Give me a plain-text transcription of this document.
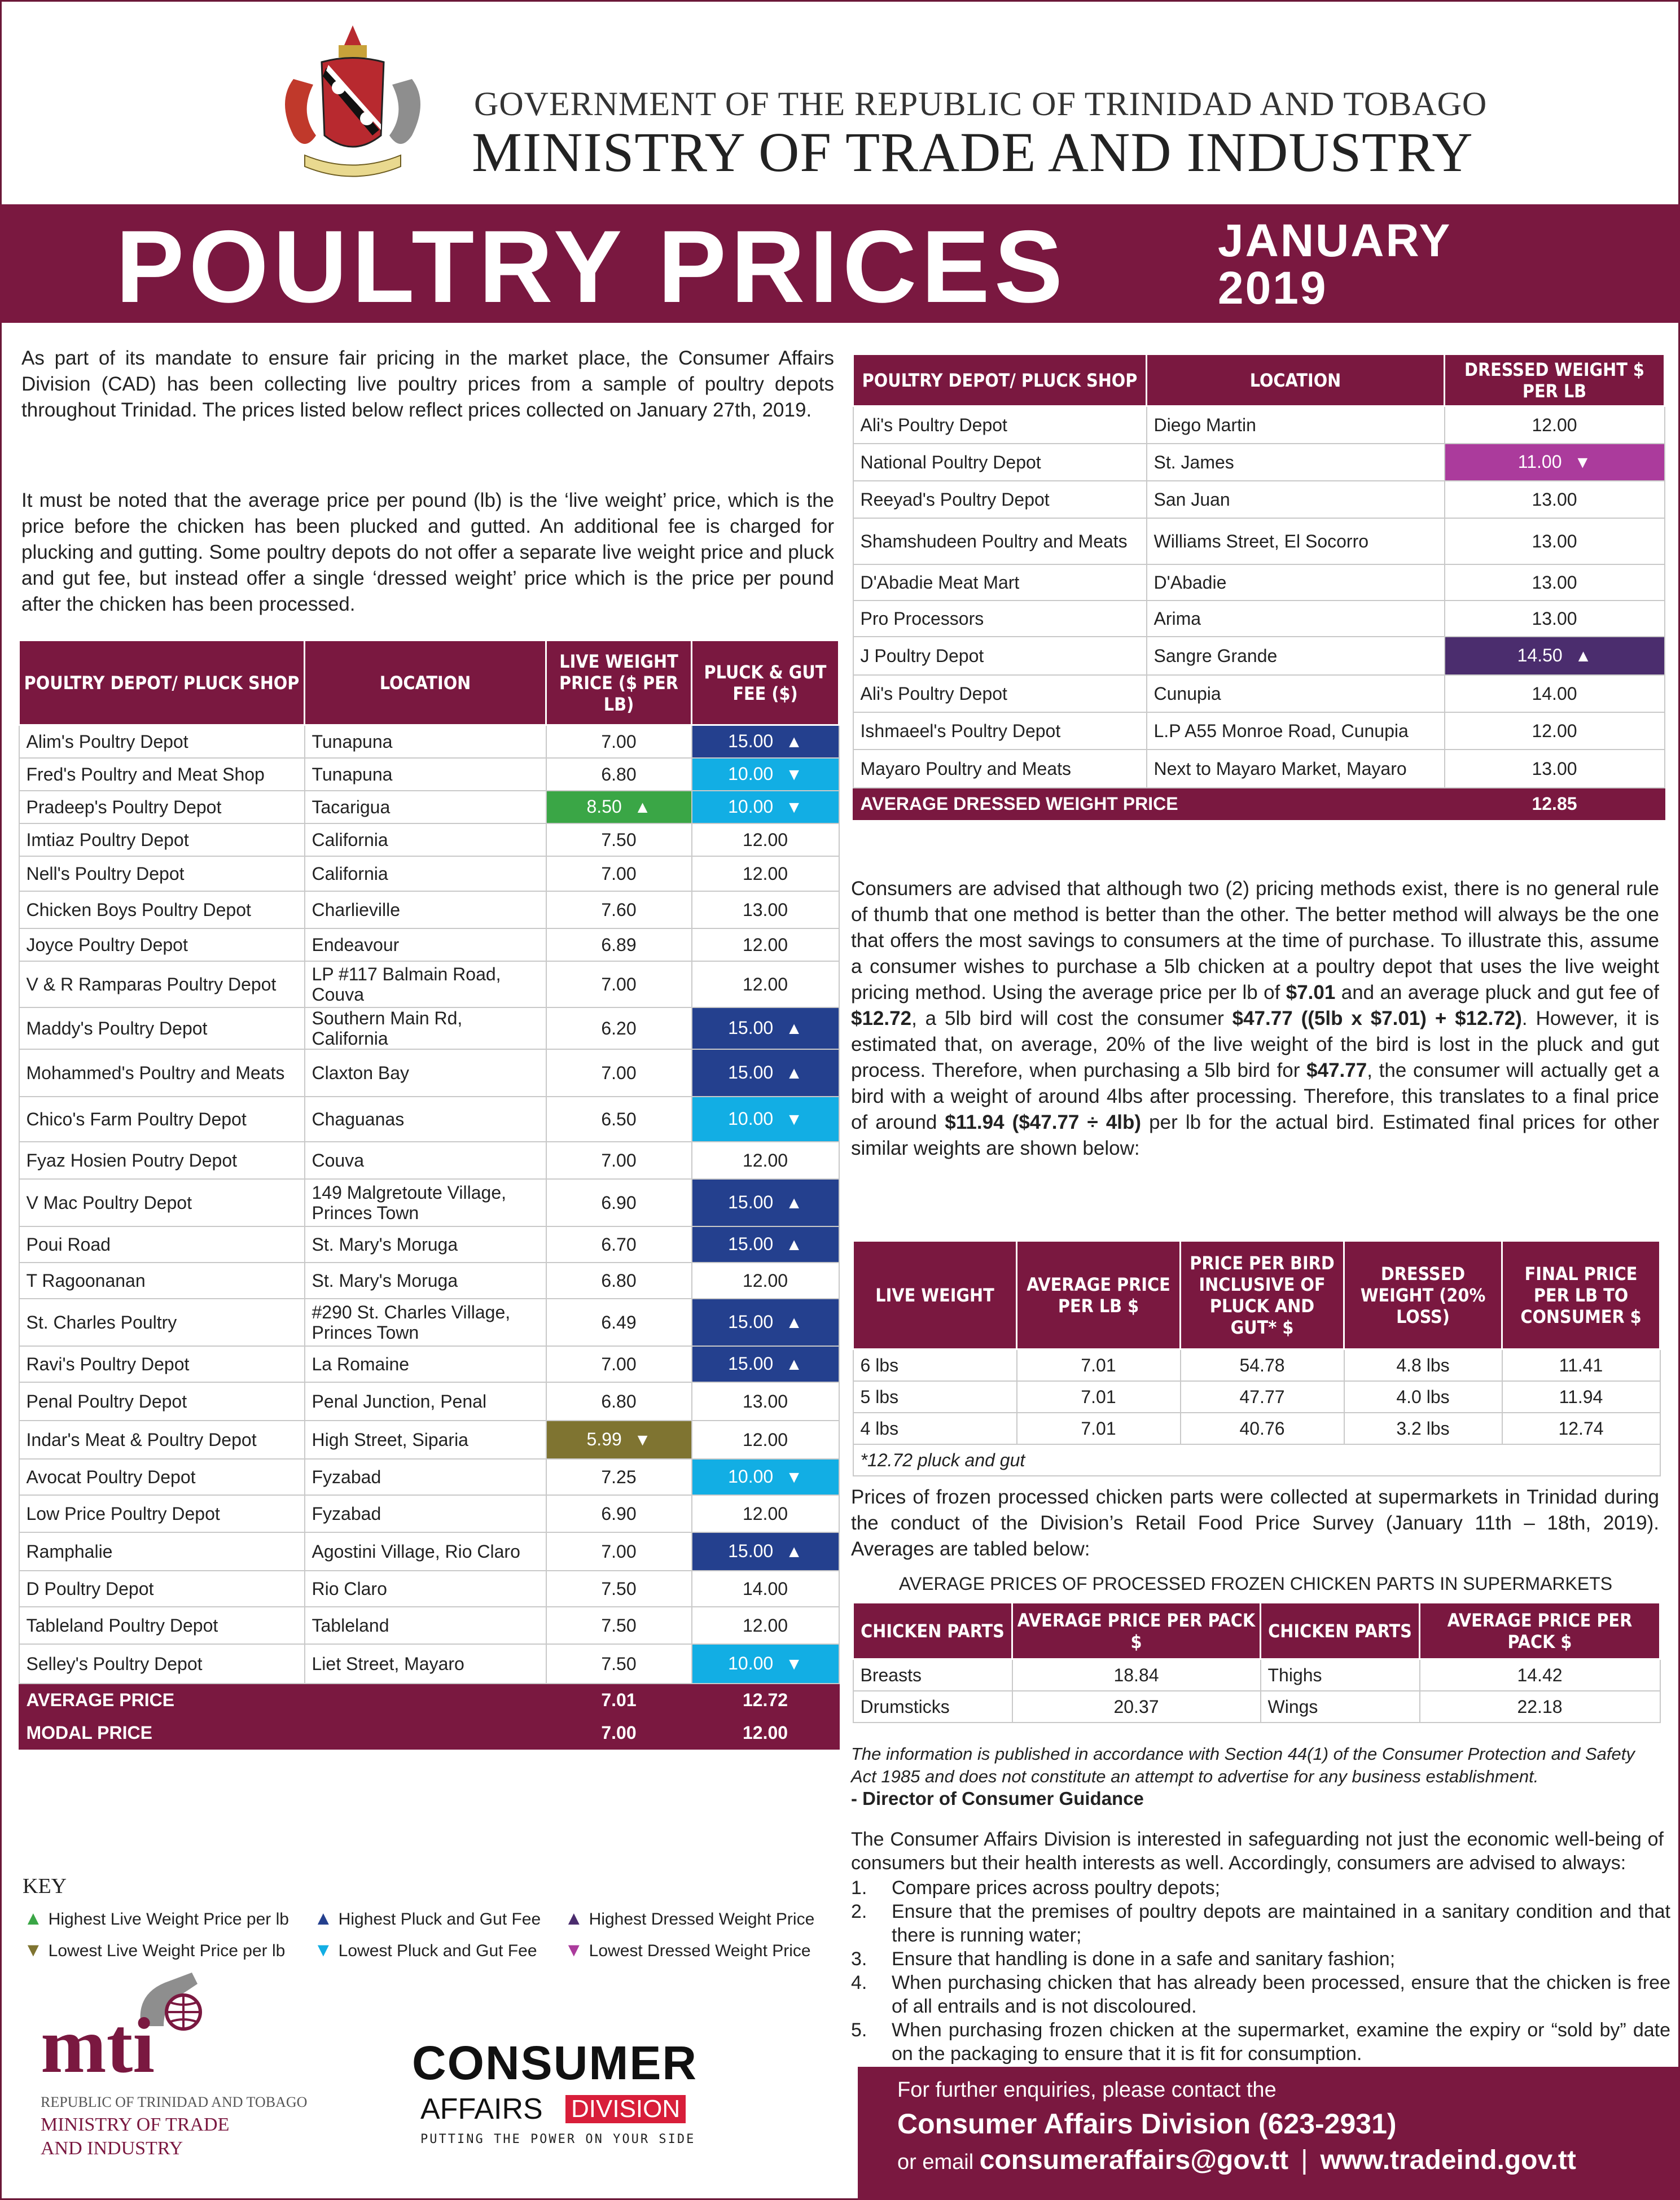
GOVERNMENT OF THE REPUBLIC OF TRINIDAD AND TOBAGO
MINISTRY OF TRADE AND INDUSTRY
POULTRY PRICES	JANUARY
2019
As part of its mandate to ensure fair pricing in the market place, the Consumer Affairs Division (CAD) has been collecting live poultry prices from a sample of poultry depots throughout Trinidad. The prices listed below reflect prices collected on January 27th, 2019.
It must be noted that the average price per pound (lb) is the ‘live weight’ price, which is the price before the chicken has been plucked and gutted. An additional fee is charged for plucking and gutting. Some poultry depots do not offer a separate live weight price and pluck and gut fee, but instead offer a single ‘dressed weight’ price which is the price per pound after the chicken has been processed.
POULTRY DEPOT/ PLUCK SHOP	LOCATION	LIVE WEIGHT PRICE ($ PER LB)	PLUCK & GUT FEE ($)
Alim's Poultry Depot	Tunapuna	7.00	15.00 ▲
Fred's Poultry and Meat Shop	Tunapuna	6.80	10.00 ▼
Pradeep's Poultry Depot	Tacarigua	8.50 ▲	10.00 ▼
Imtiaz Poultry Depot	California	7.50	12.00
Nell's Poultry Depot	California	7.00	12.00
Chicken Boys Poultry Depot	Charlieville	7.60	13.00
Joyce Poultry Depot	Endeavour	6.89	12.00
V & R Ramparas Poultry Depot	LP #117 Balmain Road, Couva	7.00	12.00
Maddy's Poultry Depot	Southern Main Rd, California	6.20	15.00 ▲
Mohammed's Poultry and Meats	Claxton Bay	7.00	15.00 ▲
Chico's Farm Poultry Depot	Chaguanas	6.50	10.00 ▼
Fyaz Hosien Poutry Depot	Couva	7.00	12.00
V Mac Poultry Depot	149 Malgretoute Village, Princes Town	6.90	15.00 ▲
Poui Road	St. Mary's Moruga	6.70	15.00 ▲
T Ragoonanan	St. Mary's Moruga	6.80	12.00
St. Charles Poultry	#290 St. Charles Village, Princes Town	6.49	15.00 ▲
Ravi's Poultry Depot	La Romaine	7.00	15.00 ▲
Penal Poultry Depot	Penal Junction, Penal	6.80	13.00
Indar's Meat & Poultry Depot	High Street, Siparia	5.99 ▼	12.00
Avocat Poultry Depot	Fyzabad	7.25	10.00 ▼
Low Price Poultry Depot	Fyzabad	6.90	12.00
Ramphalie	Agostini Village, Rio Claro	7.00	15.00 ▲
D Poultry Depot	Rio Claro	7.50	14.00
Tableland Poultry Depot	Tableland	7.50	12.00
Selley's Poultry Depot	Liet Street, Mayaro	7.50	10.00 ▼
AVERAGE PRICE		7.01	12.72
MODAL PRICE		7.00	12.00
POULTRY DEPOT/ PLUCK SHOP	LOCATION	DRESSED WEIGHT $ PER LB
Ali's Poultry Depot	Diego Martin	12.00
National Poultry Depot	St. James	11.00 ▼
Reeyad's Poultry Depot	San Juan	13.00
Shamshudeen Poultry and Meats	Williams Street, El Socorro	13.00
D'Abadie Meat Mart	D'Abadie	13.00
Pro Processors	Arima	13.00
J Poultry Depot	Sangre Grande	14.50 ▲
Ali's Poultry Depot	Cunupia	14.00
Ishmaeel's Poultry Depot	L.P A55 Monroe Road, Cunupia	12.00
Mayaro Poultry and Meats	Next to Mayaro Market, Mayaro	13.00
AVERAGE DRESSED WEIGHT PRICE		12.85
Consumers are advised that although two (2) pricing methods exist, there is no general rule of thumb that one method is better than the other. The better method will always be the one that offers the most savings to consumers at the time of purchase. To illustrate this, assume a consumer wishes to purchase a 5lb chicken at a poultry depot that uses the live weight pricing method. Using the average price per lb of $7.01 and an average pluck and gut fee of $12.72, a 5lb bird will cost the consumer $47.77 ((5lb x $7.01) + $12.72). However, it is estimated that, on average, 20% of the live weight of the bird is lost in the pluck and gut process. Therefore, when purchasing a 5lb bird for $47.77, the consumer will actually get a bird with a weight of around 4lbs after processing. Therefore, this translates to a final price of around $11.94 ($47.77 ÷ 4lb) per lb for the actual bird. Estimated final prices for other similar weights are shown below:
LIVE WEIGHT	AVERAGE PRICE PER LB $	PRICE PER BIRD INCLUSIVE OF PLUCK AND GUT* $	DRESSED WEIGHT (20% LOSS)	FINAL PRICE PER LB TO CONSUMER $
6 lbs	7.01	54.78	4.8 lbs	11.41
5 lbs	7.01	47.77	4.0 lbs	11.94
4 lbs	7.01	40.76	3.2 lbs	12.74
*12.72 pluck and gut				
Prices of frozen processed chicken parts were collected at supermarkets in Trinidad during the conduct of the Division’s Retail Food Price Survey (January 11th – 18th, 2019). Averages are tabled below:
AVERAGE PRICES OF PROCESSED FROZEN CHICKEN PARTS IN SUPERMARKETS
CHICKEN PARTS	AVERAGE PRICE PER PACK $	CHICKEN PARTS	AVERAGE PRICE PER PACK $
Breasts	18.84	Thighs	14.42
Drumsticks	20.37	Wings	22.18
The information is published in accordance with Section 44(1) of the Consumer Protection and Safety Act 1985 and does not constitute an attempt to advertise for any business establishment.
- Director of Consumer Guidance
The Consumer Affairs Division is interested in safeguarding not just the economic well-being of consumers but their health interests as well. Accordingly, consumers are advised to always:
1. Compare prices across poultry depots;
2. Ensure that the premises of poultry depots are maintained in a sanitary condition and that there is running water;
3. Ensure that handling is done in a safe and sanitary fashion;
4. When purchasing chicken that has already been processed, ensure that the chicken is free of all entrails and is not discoloured.
5. When purchasing frozen chicken at the supermarket, examine the expiry or “sold by” date on the packaging to ensure that it is fit for consumption.
KEY
▲ Highest Live Weight Price per lb
▼ Lowest Live Weight Price per lb
▲ Highest Pluck and Gut Fee
▼ Lowest Pluck and Gut Fee
▲ Highest Dressed Weight Price
▼ Lowest Dressed Weight Price
mti
REPUBLIC OF TRINIDAD AND TOBAGO
MINISTRY OF TRADE
AND INDUSTRY
CONSUMER
AFFAIRS DIVISION
PUTTING THE POWER ON YOUR SIDE
For further enquiries, please contact the
Consumer Affairs Division (623-2931)
or email consumeraffairs@gov.tt | www.tradeind.gov.tt
